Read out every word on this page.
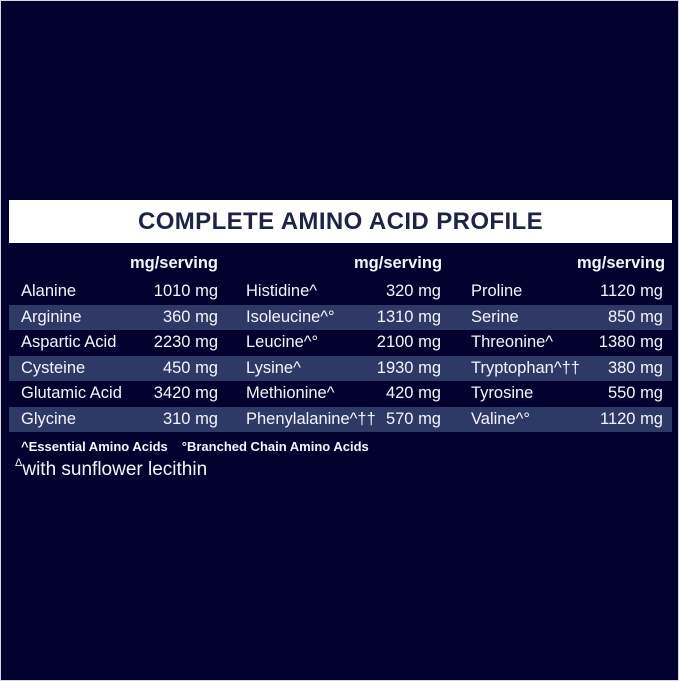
COMPLETE AMINO ACID PROFILE
mg/serving	mg/serving	mg/serving
Alanine	1010 mg	Histidine^	320 mg	Proline	1120 mg
Arginine	360 mg	Isoleucine^°	1310 mg	Serine	850 mg
Aspartic Acid	2230 mg	Leucine^°	2100 mg	Threonine^	1380 mg
Cysteine	450 mg	Lysine^	1930 mg	Tryptophan^††	380 mg
Glutamic Acid	3420 mg	Methionine^	420 mg	Tyrosine	550 mg
Glycine	310 mg	Phenylalanine^†† 570 mg	Valine^°	1120 mg
^Essential Amino Acids °Branched Chain Amino Acids
$^\Delta$with sunflower lecithin
